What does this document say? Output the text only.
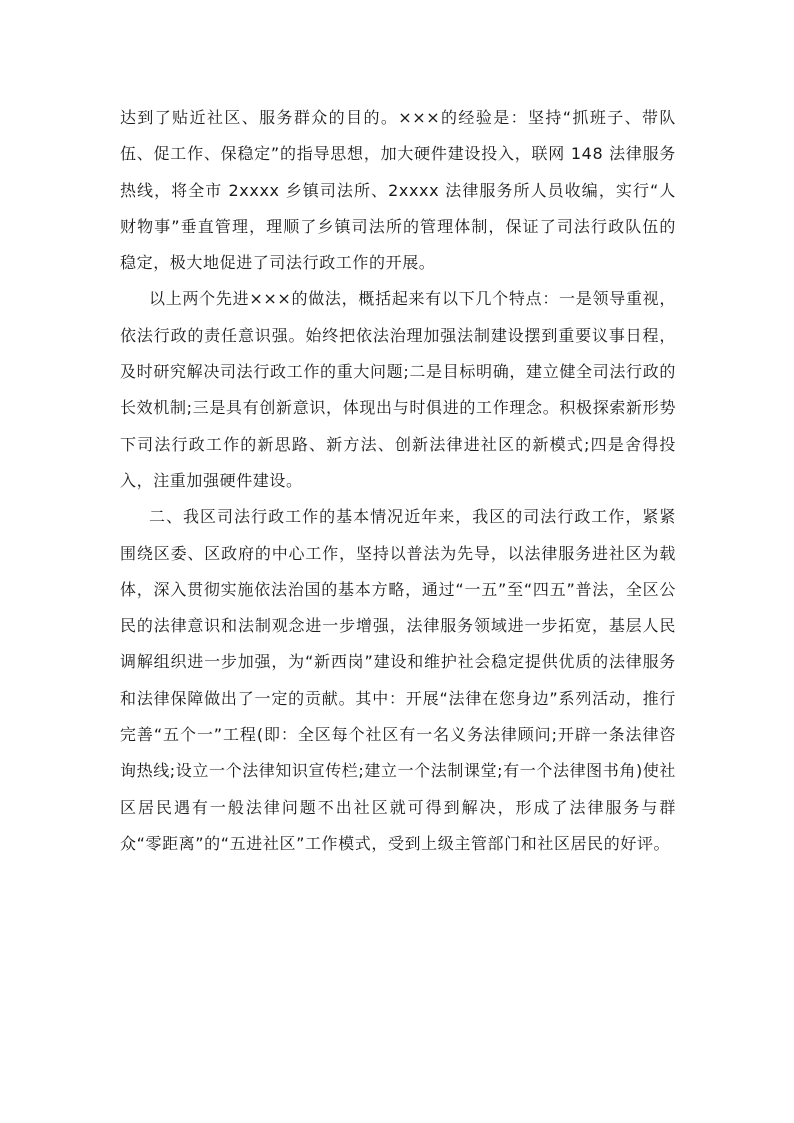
达到了贴近社区、服务群众的目的。×××的经验是：坚持“抓班子、带队伍、促工作、保稳定”的指导思想，加大硬件建设投入，联网 148 法律服务热线，将全市 2xxxx 乡镇司法所、2xxxx 法律服务所人员收编，实行“人财物事”垂直管理，理顺了乡镇司法所的管理体制，保证了司法行政队伍的稳定，极大地促进了司法行政工作的开展。

以上两个先进×××的做法，概括起来有以下几个特点：一是领导重视，依法行政的责任意识强。始终把依法治理加强法制建设摆到重要议事日程，及时研究解决司法行政工作的重大问题;二是目标明确，建立健全司法行政的长效机制;三是具有创新意识，体现出与时俱进的工作理念。积极探索新形势下司法行政工作的新思路、新方法、创新法律进社区的新模式;四是舍得投入，注重加强硬件建设。

二、我区司法行政工作的基本情况近年来，我区的司法行政工作，紧紧围绕区委、区政府的中心工作，坚持以普法为先导，以法律服务进社区为载体，深入贯彻实施依法治国的基本方略，通过“一五”至“四五”普法，全区公民的法律意识和法制观念进一步增强，法律服务领域进一步拓宽，基层人民调解组织进一步加强，为“新西岗”建设和维护社会稳定提供优质的法律服务和法律保障做出了一定的贡献。其中：开展“法律在您身边”系列活动，推行完善“五个一”工程(即：全区每个社区有一名义务法律顾问;开辟一条法律咨询热线;设立一个法律知识宣传栏;建立一个法制课堂;有一个法律图书角)使社区居民遇有一般法律问题不出社区就可得到解决，形成了法律服务与群众“零距离”的“五进社区”工作模式，受到上级主管部门和社区居民的好评。
